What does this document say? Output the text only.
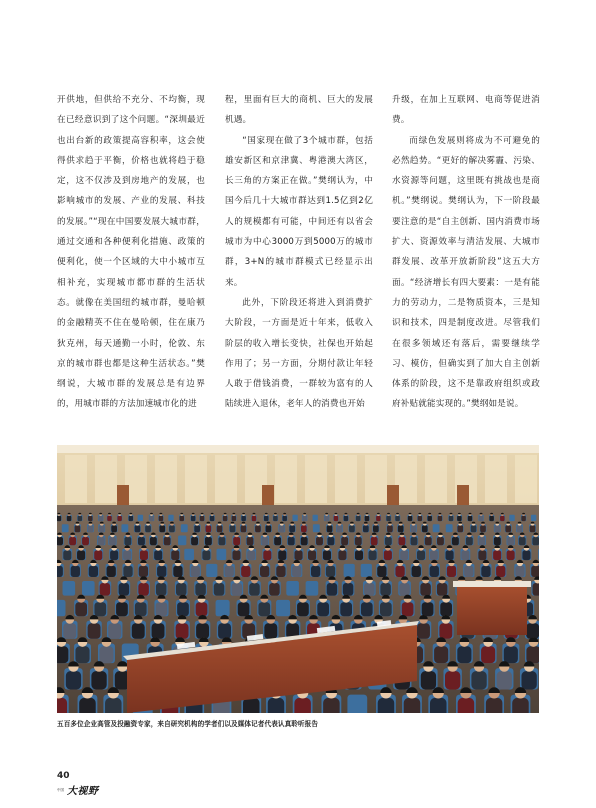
开供地，但供给不充分、不均衡，现在已经意识到了这个问题。“深圳最近也出台新的政策提高容积率，这会使得供求趋于平衡，价格也就将趋于稳定，这不仅涉及到房地产的发展，也影响城市的发展、产业的发展、科技的发展。”“现在中国要发展大城市群，通过交通和各种便利化措施、政策的便利化，使一个区域的大中小城市互相补充，实现城市都市群的生活状态。就像在美国纽约城市群，曼哈顿的金融精英不住在曼哈顿，住在康乃狄克州，每天通勤一小时，伦敦、东京的城市群也都是这种生活状态。”樊纲说，大城市群的发展总是有边界的，用城市群的方法加速城市化的进

程，里面有巨大的商机、巨大的发展机遇。

“国家现在做了3个城市群，包括雄安新区和京津冀、粤港澳大湾区，长三角的方案正在做。”樊纲认为，中国今后几十大城市群达到1.5亿到2亿人的规模都有可能，中间还有以省会城市为中心3000万到5000万的城市群，3+N的城市群模式已经显示出来。

此外，下阶段还将进入到消费扩大阶段，一方面是近十年来，低收入阶层的收入增长变快，社保也开始起作用了；另一方面，分期付款让年轻人敢于借钱消费，一群较为富有的人陆续进入退休，老年人的消费也开始

升级，在加上互联网、电商等促进消费。

而绿色发展则将成为不可避免的必然趋势。“更好的解决雾霾、污染、水资源等问题，这里既有挑战也是商机。”樊纲说。樊纲认为，下一阶段最要注意的是“自主创新、国内消费市场扩大、资源效率与清洁发展、大城市群发展、改革开放新阶段”这五大方面。“经济增长有四大要素：一是有能力的劳动力，二是物质资本，三是知识和技术，四是制度改进。尽管我们在很多领域还有落后，需要继续学习、模仿，但确实到了加大自主创新体系的阶段，这不是靠政府组织或政府补贴就能实现的。”樊纲如是说。

五百多位企业高管及投融资专家，来自研究机构的学者们以及媒体记者代表认真聆听报告
40
中国 大视野
